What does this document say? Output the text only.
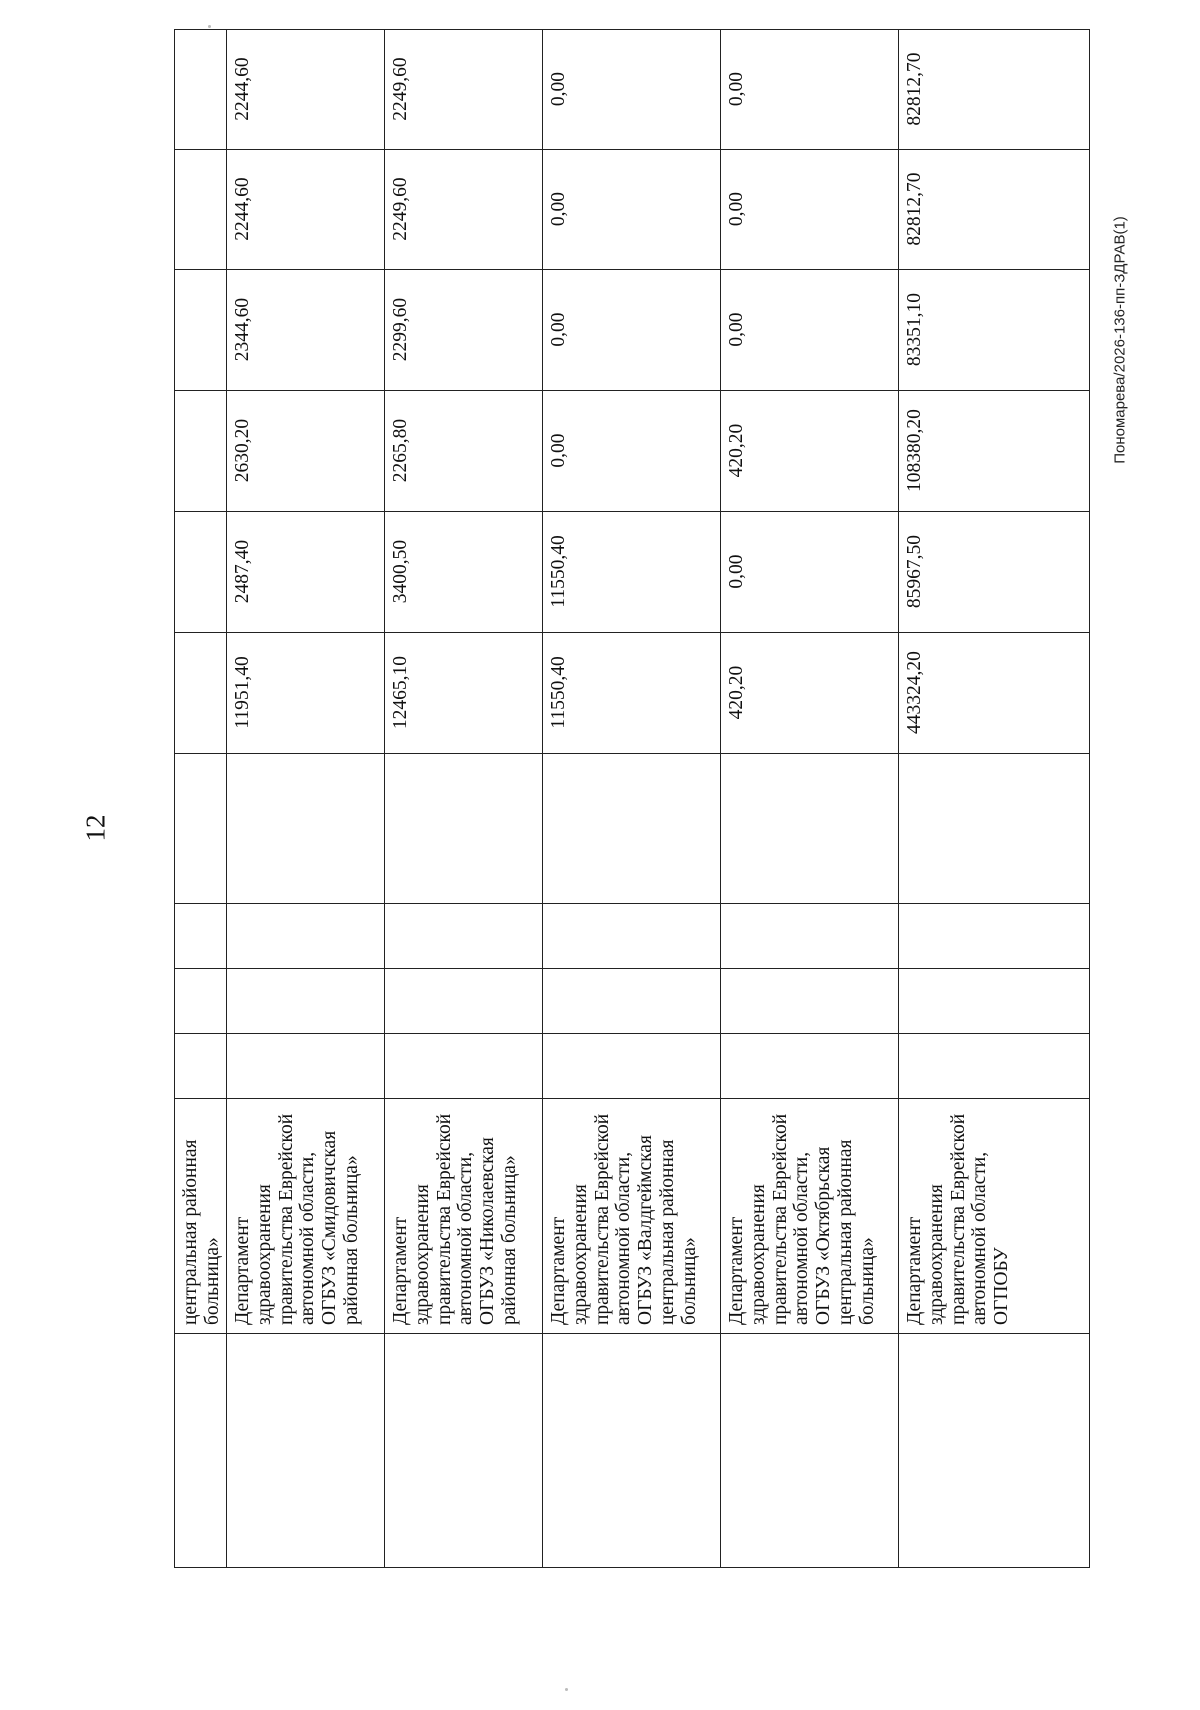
12
Пономарева/2026-136-пп-ЗДРАВ(1)
	центральная районная больница»										
	Департамент здравоохранения правительства Еврейской автономной области, ОГБУЗ «Смидовичская районная больница»					11951,40	2487,40	2630,20	2344,60	2244,60	2244,60
	Департамент здравоохранения правительства Еврейской автономной области, ОГБУЗ «Николаевская районная больница»					12465,10	3400,50	2265,80	2299,60	2249,60	2249,60
	Департамент здравоохранения правительства Еврейской автономной области, ОГБУЗ «Валдгеймская центральная районная больница»					11550,40	11550,40	0,00	0,00	0,00	0,00
	Департамент здравоохранения правительства Еврейской автономной области, ОГБУЗ «Октябрьская центральная районная больница»					420,20	0,00	420,20	0,00	0,00	0,00
	Департамент здравоохранения правительства Еврейской автономной области, ОГПОБУ					443324,20	85967,50	108380,20	83351,10	82812,70	82812,70
